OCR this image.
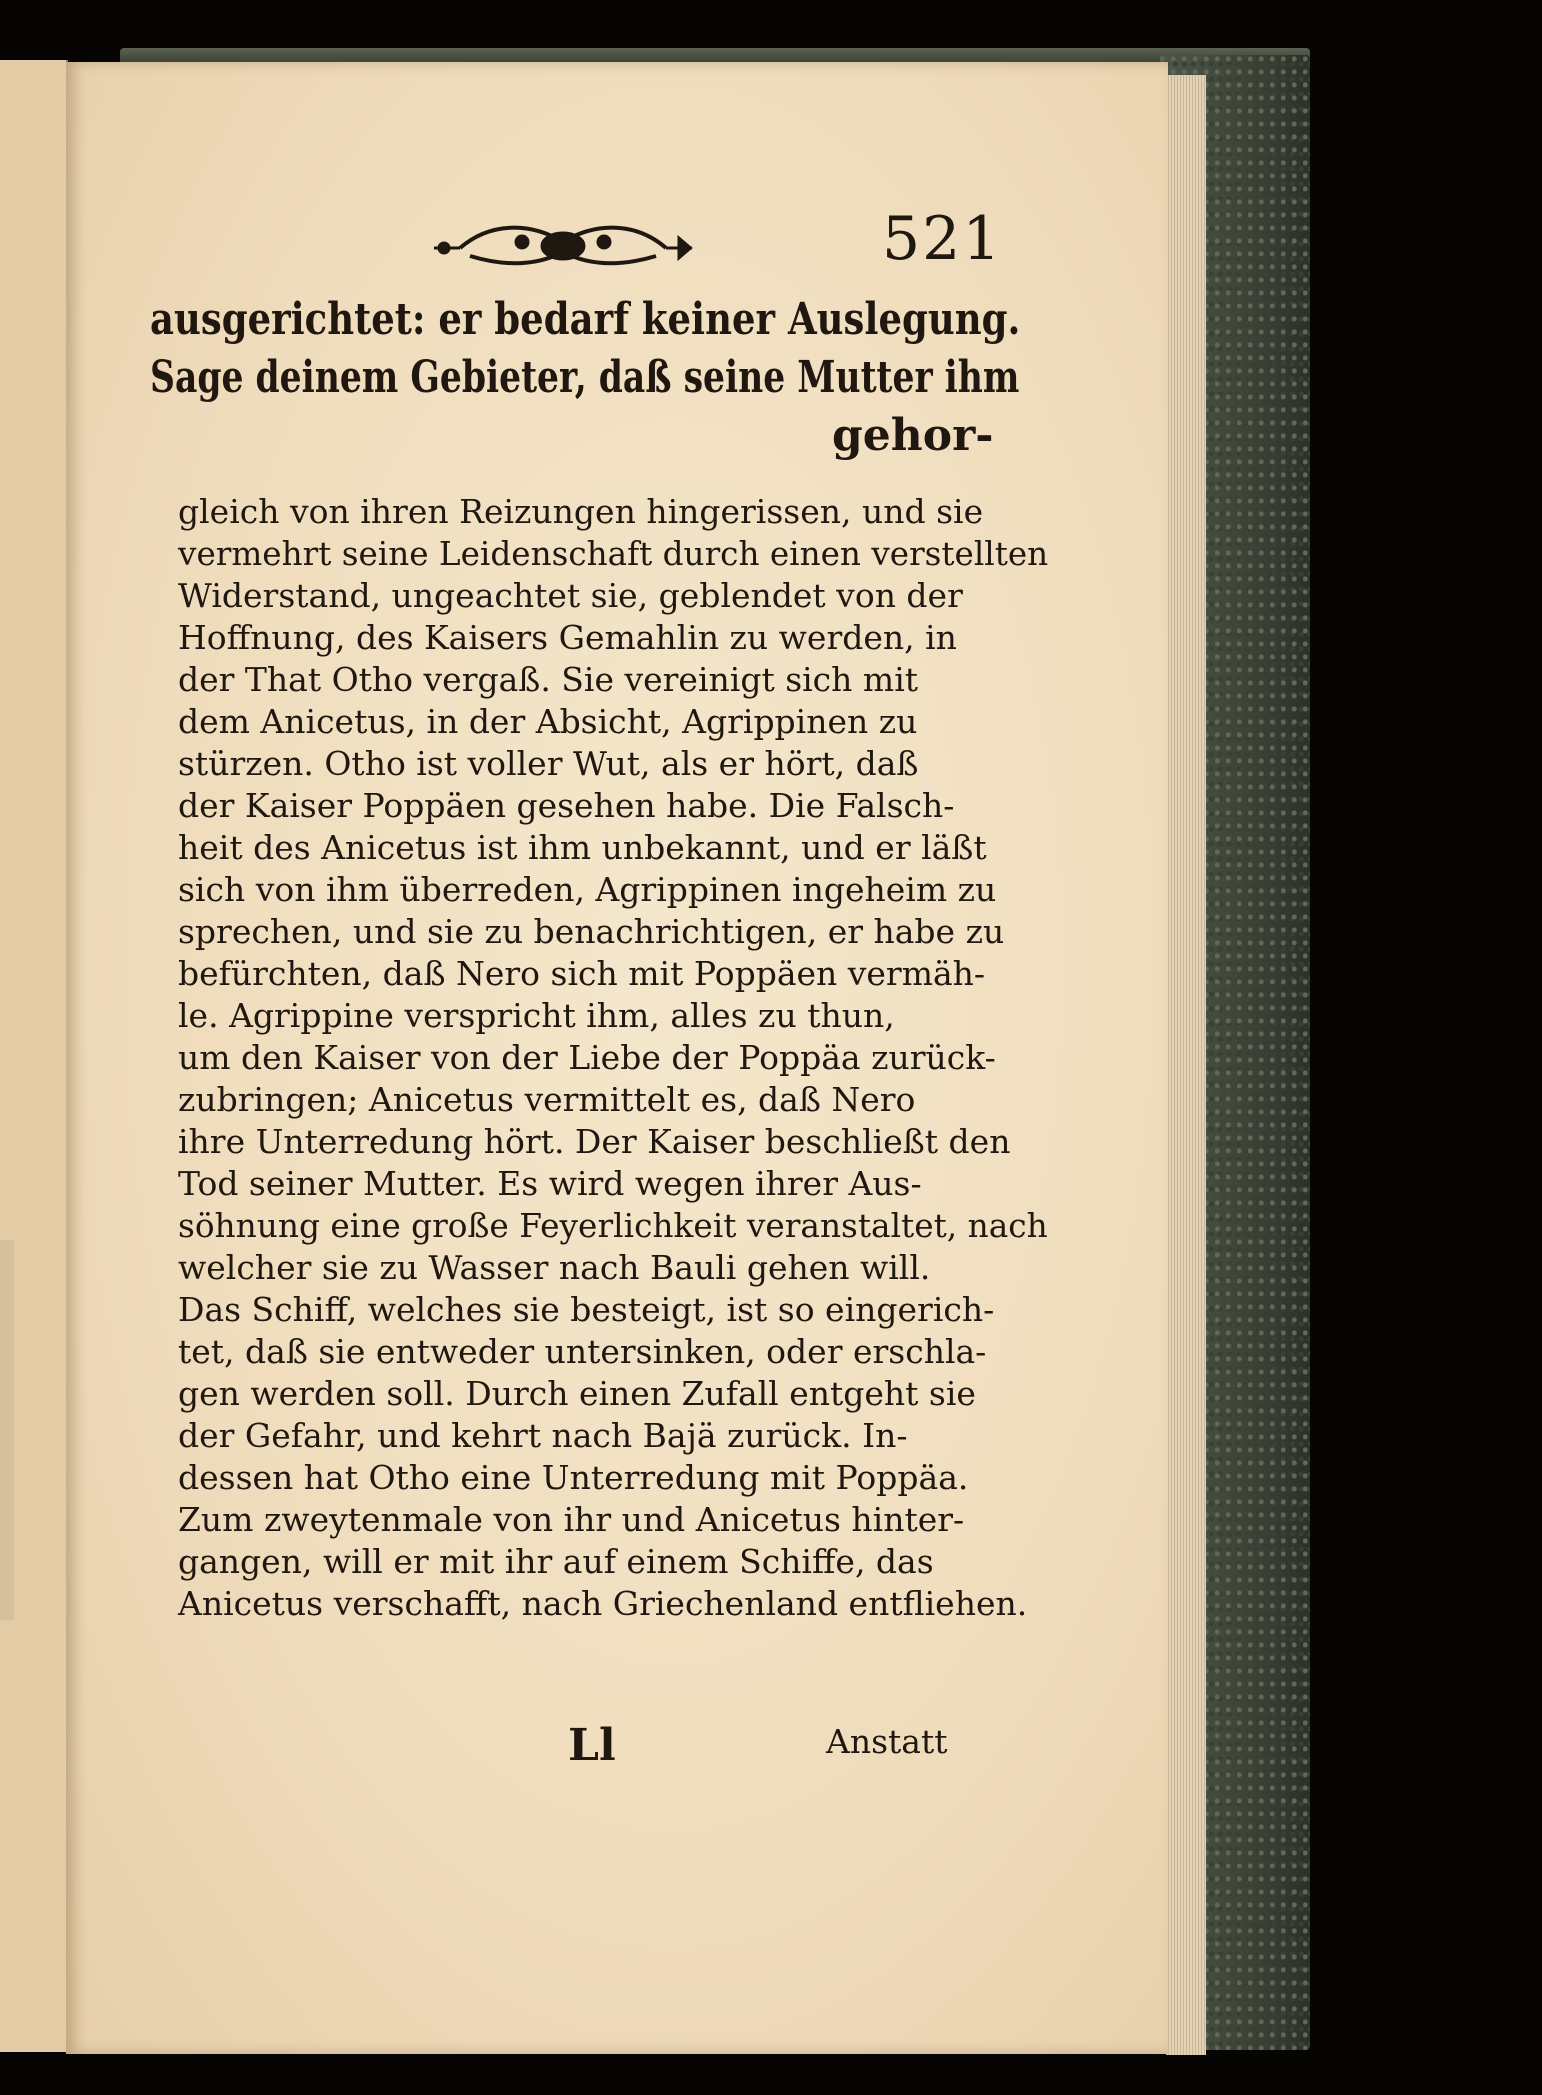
521

ausgerichtet: er bedarf keiner Auslegung.

Sage deinem Gebieter, daß seine Mutter ihm

gehor-

gleich von ihren Reizungen hingerissen, und sie

vermehrt seine Leidenschaft durch einen verstellten

Widerstand, ungeachtet sie, geblendet von der

Hoffnung, des Kaisers Gemahlin zu werden, in

der That Otho vergaß. Sie vereinigt sich mit

dem Anicetus, in der Absicht, Agrippinen zu

stürzen. Otho ist voller Wut, als er hört, daß

der Kaiser Poppäen gesehen habe. Die Falsch-

heit des Anicetus ist ihm unbekannt, und er läßt

sich von ihm überreden, Agrippinen ingeheim zu

sprechen, und sie zu benachrichtigen, er habe zu

befürchten, daß Nero sich mit Poppäen vermäh-

le. Agrippine verspricht ihm, alles zu thun,

um den Kaiser von der Liebe der Poppäa zurück-

zubringen; Anicetus vermittelt es, daß Nero

ihre Unterredung hört. Der Kaiser beschließt den

Tod seiner Mutter. Es wird wegen ihrer Aus-

söhnung eine große Feyerlichkeit veranstaltet, nach

welcher sie zu Wasser nach Bauli gehen will.

Das Schiff, welches sie besteigt, ist so eingerich-

tet, daß sie entweder untersinken, oder erschla-

gen werden soll. Durch einen Zufall entgeht sie

der Gefahr, und kehrt nach Bajä zurück. In-

dessen hat Otho eine Unterredung mit Poppäa.

Zum zweytenmale von ihr und Anicetus hinter-

gangen, will er mit ihr auf einem Schiffe, das

Anicetus verschafft, nach Griechenland entfliehen.

Ll	Anstatt
